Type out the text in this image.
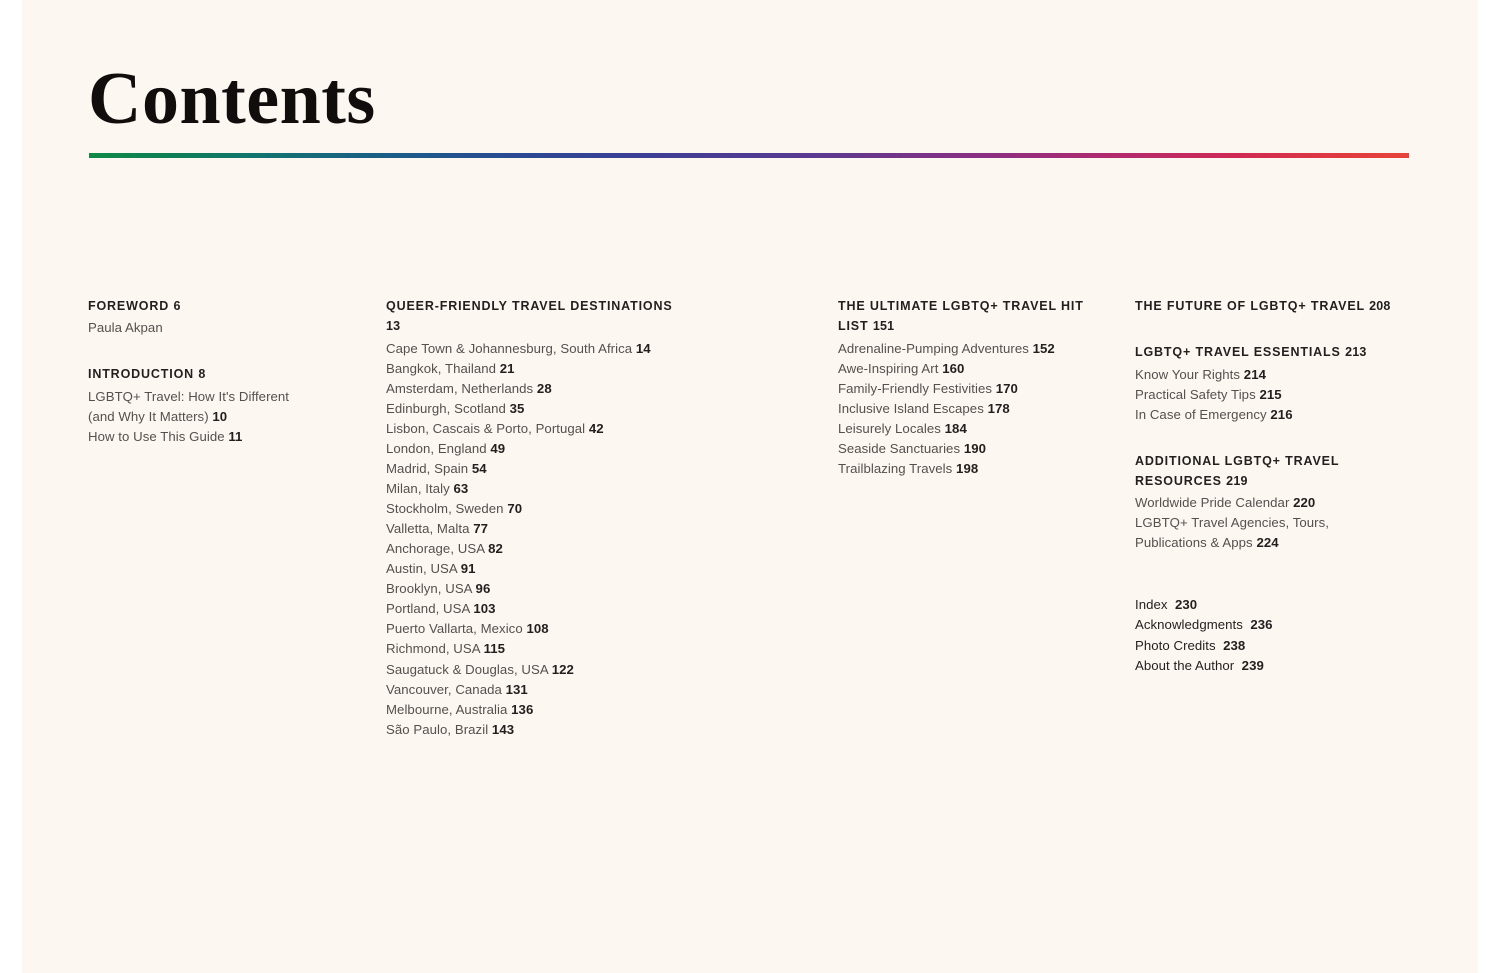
Contents
FOREWORD 6
Paula Akpan
INTRODUCTION 8
LGBTQ+ Travel: How It's Different
(and Why It Matters) 10
How to Use This Guide 11
QUEER-FRIENDLY TRAVEL DESTINATIONS 13
Cape Town & Johannesburg, South Africa 14
Bangkok, Thailand 21
Amsterdam, Netherlands 28
Edinburgh, Scotland 35
Lisbon, Cascais & Porto, Portugal 42
London, England 49
Madrid, Spain 54
Milan, Italy 63
Stockholm, Sweden 70
Valletta, Malta 77
Anchorage, USA 82
Austin, USA 91
Brooklyn, USA 96
Portland, USA 103
Puerto Vallarta, Mexico 108
Richmond, USA 115
Saugatuck & Douglas, USA 122
Vancouver, Canada 131
Melbourne, Australia 136
São Paulo, Brazil 143
THE ULTIMATE LGBTQ+ TRAVEL HIT LIST 151
Adrenaline-Pumping Adventures 152
Awe-Inspiring Art 160
Family-Friendly Festivities 170
Inclusive Island Escapes 178
Leisurely Locales 184
Seaside Sanctuaries 190
Trailblazing Travels 198
THE FUTURE OF LGBTQ+ TRAVEL 208
LGBTQ+ TRAVEL ESSENTIALS 213
Know Your Rights 214
Practical Safety Tips 215
In Case of Emergency 216
ADDITIONAL LGBTQ+ TRAVEL RESOURCES 219
Worldwide Pride Calendar 220
LGBTQ+ Travel Agencies, Tours,
Publications & Apps 224
Index 230
Acknowledgments 236
Photo Credits 238
About the Author 239
